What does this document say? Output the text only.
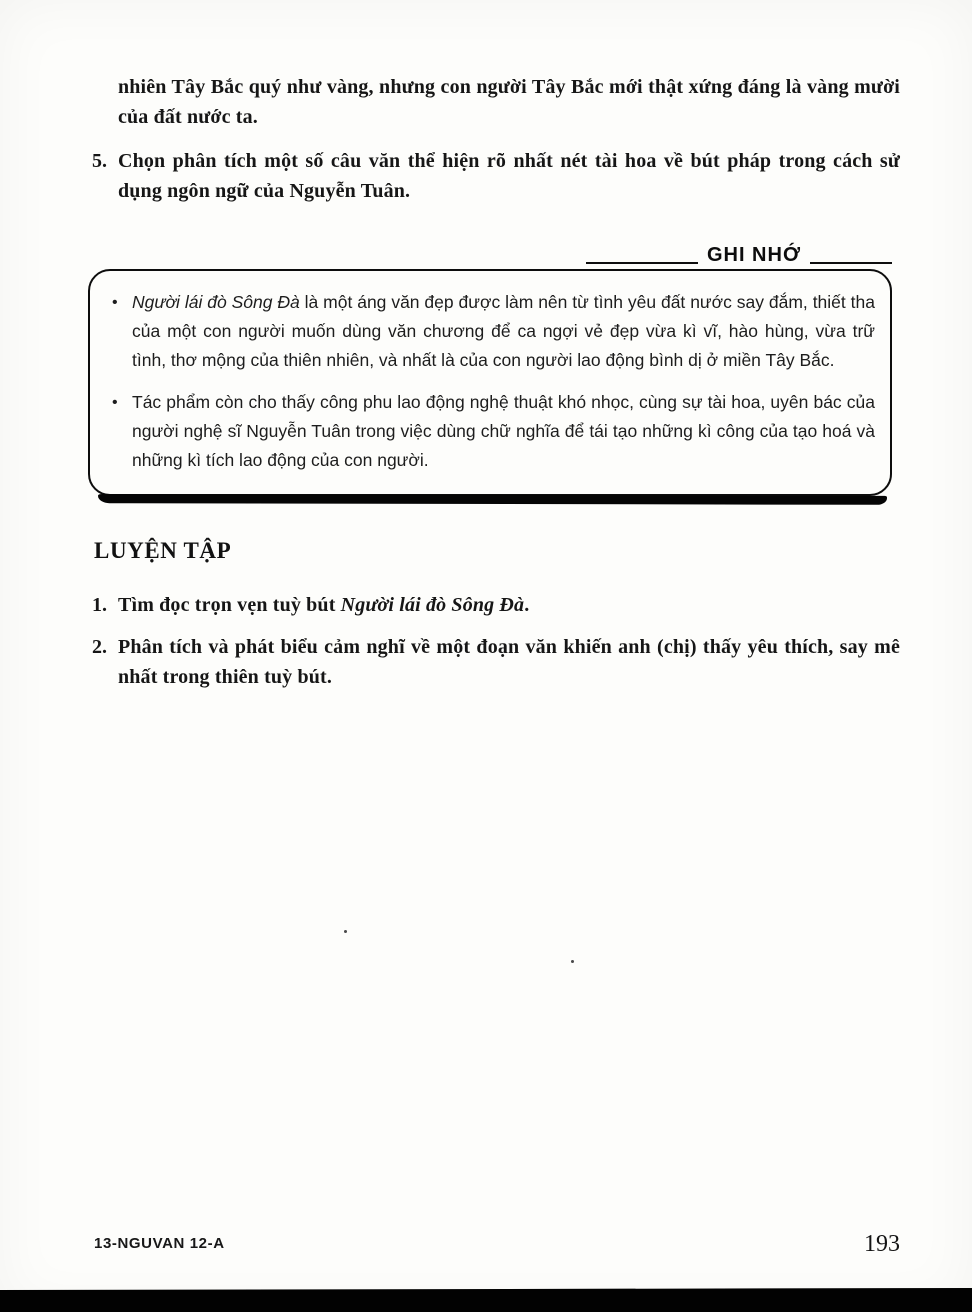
nhiên Tây Bắc quý như vàng, nhưng con người Tây Bắc mới thật xứng đáng là vàng mười của đất nước ta.

5. Chọn phân tích một số câu văn thể hiện rõ nhất nét tài hoa về bút pháp trong cách sử dụng ngôn ngữ của Nguyễn Tuân.
GHI NHỚ
• Người lái đò Sông Đà là một áng văn đẹp được làm nên từ tình yêu đất nước say đắm, thiết tha của một con người muốn dùng văn chương để ca ngợi vẻ đẹp vừa kì vĩ, hào hùng, vừa trữ tình, thơ mộng của thiên nhiên, và nhất là của con người lao động bình dị ở miền Tây Bắc.

• Tác phẩm còn cho thấy công phu lao động nghệ thuật khó nhọc, cùng sự tài hoa, uyên bác của người nghệ sĩ Nguyễn Tuân trong việc dùng chữ nghĩa để tái tạo những kì công của tạo hoá và những kì tích lao động của con người.

LUYỆN TẬP
1. Tìm đọc trọn vẹn tuỳ bút Người lái đò Sông Đà.
2. Phân tích và phát biểu cảm nghĩ về một đoạn văn khiến anh (chị) thấy yêu thích, say mê nhất trong thiên tuỳ bút.
13-NGUVAN 12-A	193
